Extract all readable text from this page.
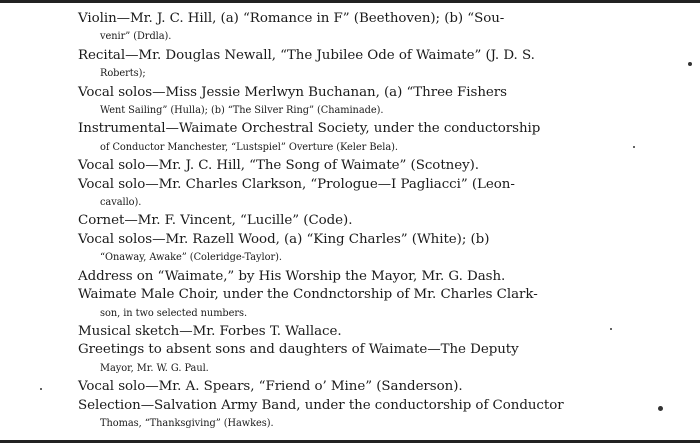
Violin—Mr. J. C. Hill, (a) “Romance in F” (Beethoven); (b) “Sou-
venir” (Drdla).
Recital—Mr. Douglas Newall, “The Jubilee Ode of Waimate” (J. D. S.
Roberts);
Vocal solos—Miss Jessie Merlwyn Buchanan, (a) “Three Fishers
Went Sailing” (Hulla); (b) “The Silver Ring” (Chaminade).
Instrumental—Waimate Orchestral Society, under the conductorship
of Conductor Manchester, “Lustspiel” Overture (Keler Bela).
Vocal solo—Mr. J. C. Hill, “The Song of Waimate” (Scotney).
Vocal solo—Mr. Charles Clarkson, “Prologue—I Pagliacci” (Leon-
cavallo).
Cornet—Mr. F. Vincent, “Lucille” (Code).
Vocal solos—Mr. Razell Wood, (a) “King Charles” (White); (b)
“Onaway, Awake” (Coleridge-Taylor).
Address on “Waimate,” by His Worship the Mayor, Mr. G. Dash.
Waimate Male Choir, under the Condnctorship of Mr. Charles Clark-
son, in two selected numbers.
Musical sketch—Mr. Forbes T. Wallace.
Greetings to absent sons and daughters of Waimate—The Deputy
Mayor, Mr. W. G. Paul.
Vocal solo—Mr. A. Spears, “Friend o’ Mine” (Sanderson).
Selection—Salvation Army Band, under the conductorship of Conductor
Thomas, “Thanksgiving” (Hawkes).
